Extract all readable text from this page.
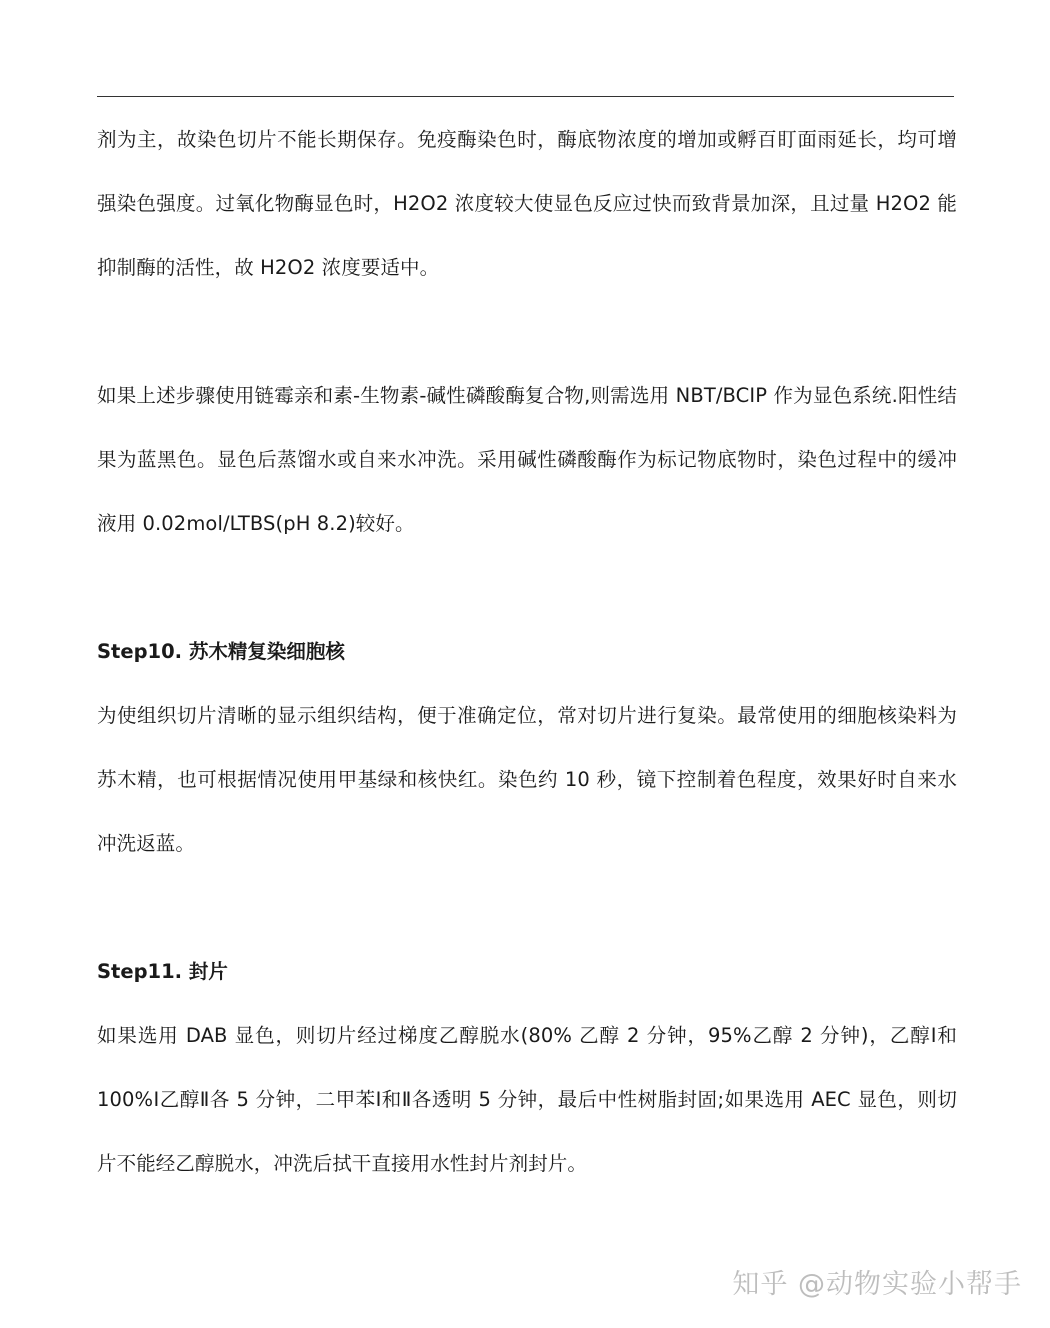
剂为主，故染色切片不能长期保存。免疫酶染色时，酶底物浓度的增加或孵百盯面雨延长，均可增强染色强度。过氧化物酶显色时，H2O2 浓度较大使显色反应过快而致背景加深，且过量 H2O2 能抑制酶的活性，故 H2O2 浓度要适中。

如果上述步骤使用链霉亲和素-生物素-碱性磷酸酶复合物,则需选用 NBT/BCIP 作为显色系统.阳性结果为蓝黑色。显色后蒸馏水或自来水冲洗。采用碱性磷酸酶作为标记物底物时，染色过程中的缓冲液用 0.02mol/LTBS(pH 8.2)较好。

Step10. 苏木精复染细胞核

为使组织切片清晰的显示组织结构，便于准确定位，常对切片进行复染。最常使用的细胞核染料为苏木精，也可根据情况使用甲基绿和核快红。染色约 10 秒，镜下控制着色程度，效果好时自来水冲洗返蓝。

Step11. 封片

如果选用 DAB 显色，则切片经过梯度乙醇脱水(80% 乙醇 2 分钟，95%乙醇 2 分钟)，乙醇Ⅰ和 100%Ⅰ乙醇Ⅱ各 5 分钟，二甲苯Ⅰ和Ⅱ各透明 5 分钟，最后中性树脂封固;如果选用 AEC 显色，则切片不能经乙醇脱水，冲洗后拭干直接用水性封片剂封片。

知乎 @动物实验小帮手
